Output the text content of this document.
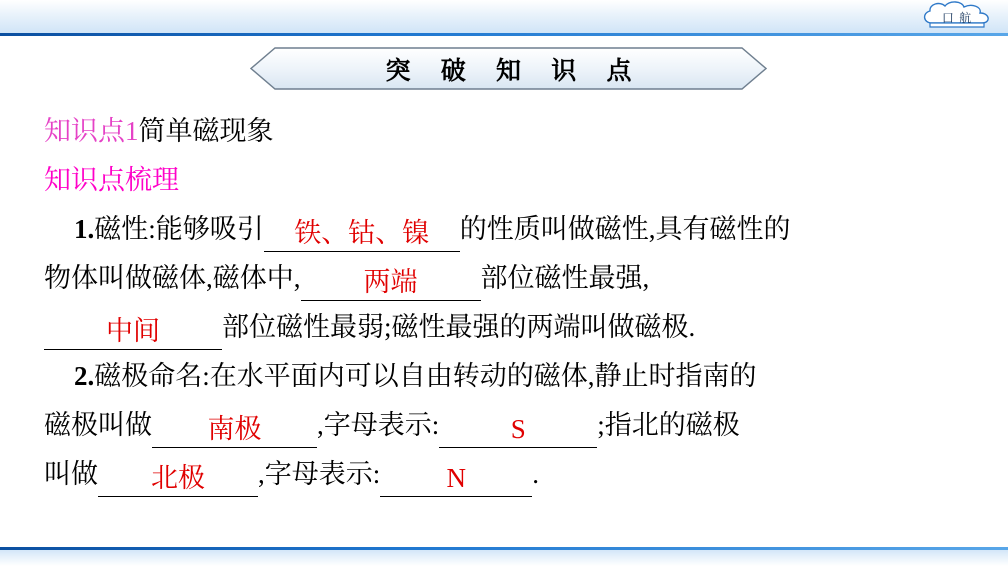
口 航
突 破 知 识 点
知识点1简单磁现象
知识点梳理
1.磁性:能够吸引 铁、钴、镍 的性质叫做磁性,具有磁性的
物体叫做磁体,磁体中, 两端 部位磁性最强,
中间 部位磁性最弱;磁性最强的两端叫做磁极.
2.磁极命名:在水平面内可以自由转动的磁体,静止时指南的
磁极叫做 南极 ,字母表示:	S	;指北的磁极
叫做 北极 ,字母表示: N .
